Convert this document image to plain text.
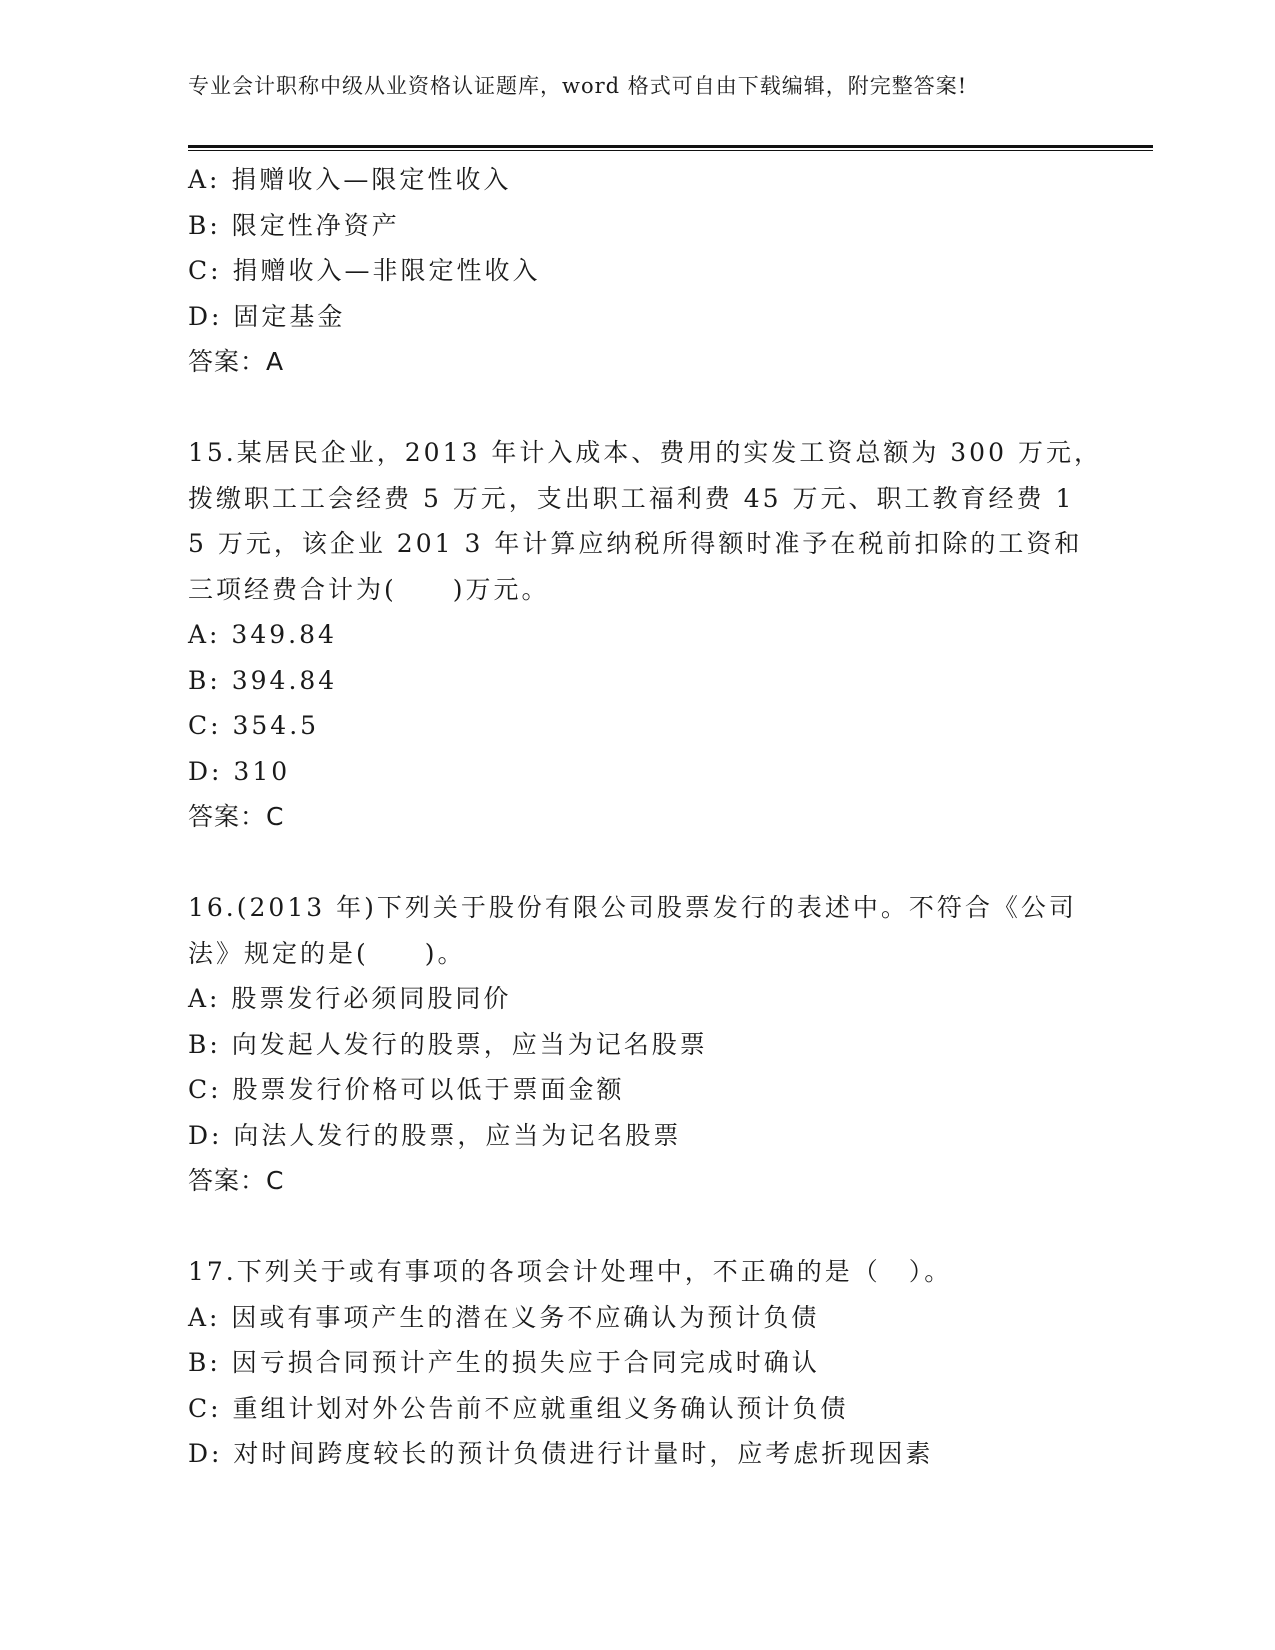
专业会计职称中级从业资格认证题库，word 格式可自由下载编辑，附完整答案!
A: 捐赠收入—限定性收入
B: 限定性净资产
C: 捐赠收入—非限定性收入
D: 固定基金
答案：A
15.某居民企业，2013 年计入成本、费用的实发工资总额为 300 万元，
拨缴职工工会经费 5 万元，支出职工福利费 45 万元、职工教育经费 1
5 万元，该企业 201 3 年计算应纳税所得额时准予在税前扣除的工资和
三项经费合计为(　　)万元。
A: 349.84
B: 394.84
C: 354.5
D: 310
答案：C
16.(2013 年)下列关于股份有限公司股票发行的表述中。不符合《公司
法》规定的是(　　)。
A: 股票发行必须同股同价
B: 向发起人发行的股票，应当为记名股票
C: 股票发行价格可以低于票面金额
D: 向法人发行的股票，应当为记名股票
答案：C
17.下列关于或有事项的各项会计处理中，不正确的是（　）。
A: 因或有事项产生的潜在义务不应确认为预计负债
B: 因亏损合同预计产生的损失应于合同完成时确认
C: 重组计划对外公告前不应就重组义务确认预计负债
D: 对时间跨度较长的预计负债进行计量时，应考虑折现因素
